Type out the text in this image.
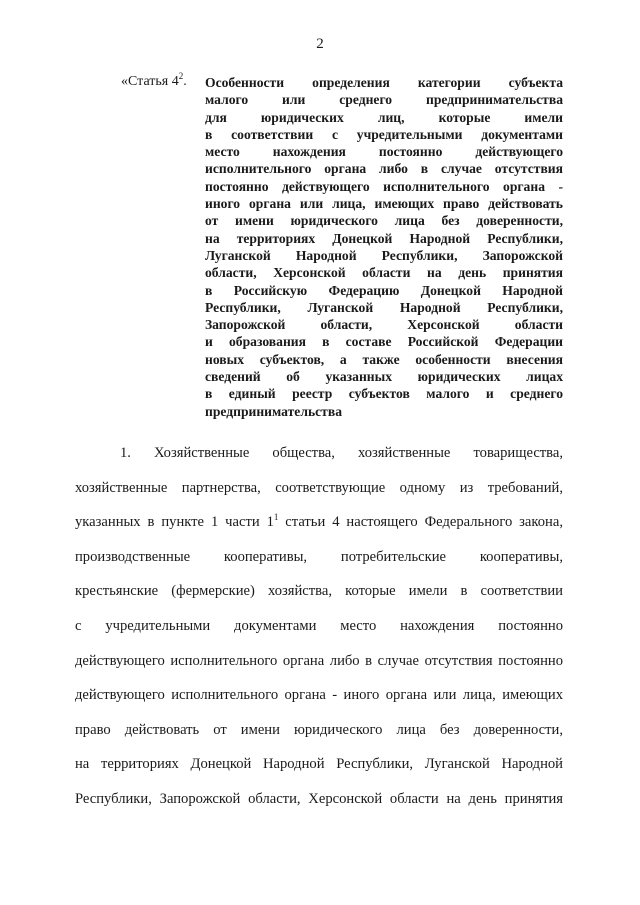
2
«Статья $4^2$. Особенности определения категории субъекта
малого или среднего предпринимательства
для юридических лиц, которые имели
в соответствии с учредительными документами
место нахождения постоянно действующего
исполнительного органа либо в случае отсутствия
постоянно действующего исполнительного органа -
иного органа или лица, имеющих право действовать
от имени юридического лица без доверенности,
на территориях Донецкой Народной Республики,
Луганской Народной Республики, Запорожской
области, Херсонской области на день принятия
в Российскую Федерацию Донецкой Народной
Республики, Луганской Народной Республики,
Запорожской области, Херсонской области
и образования в составе Российской Федерации
новых субъектов, а также особенности внесения
сведений об указанных юридических лицах
в единый реестр субъектов малого и среднего
предпринимательства
1. Хозяйственные общества, хозяйственные товарищества,
хозяйственные партнерства, соответствующие одному из требований,
указанных в пункте 1 части $1^1$ статьи 4 настоящего Федерального закона,
производственные кооперативы, потребительские кооперативы,
крестьянские (фермерские) хозяйства, которые имели в соответствии
с учредительными документами место нахождения постоянно
действующего исполнительного органа либо в случае отсутствия постоянно
действующего исполнительного органа - иного органа или лица, имеющих
право действовать от имени юридического лица без доверенности,
на территориях Донецкой Народной Республики, Луганской Народной
Республики, Запорожской области, Херсонской области на день принятия
